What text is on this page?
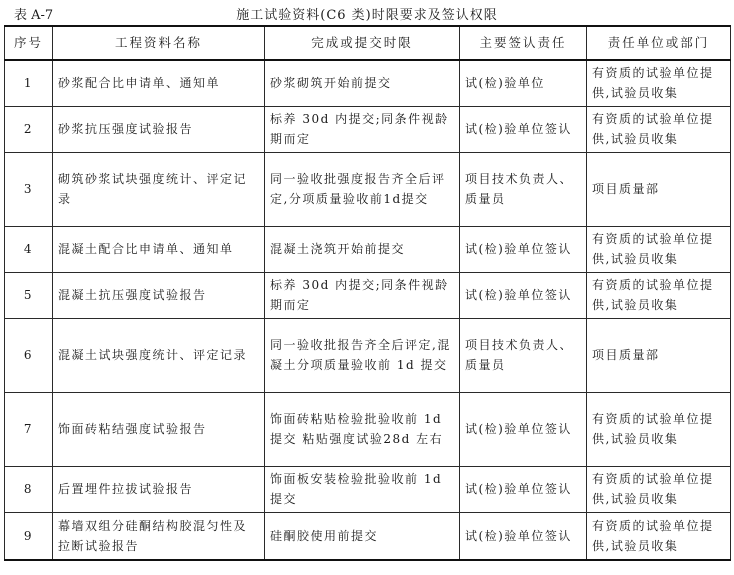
表 A-7	施工试验资料(C6 类)时限要求及签认权限
序号	工程资料名称	完成或提交时限	主要签认责任	责任单位或部门
1	砂浆配合比申请单、通知单	砂浆砌筑开始前提交	试(检)验单位	有资质的试验单位提供,试验员收集
2	砂浆抗压强度试验报告	标养 30d 内提交;同条件视龄期而定	试(检)验单位签认	有资质的试验单位提供,试验员收集
3	砌筑砂浆试块强度统计、评定记录	同一验收批强度报告齐全后评定,分项质量验收前1d提交	项目技术负责人、质量员	项目质量部
4	混凝土配合比申请单、通知单	混凝土浇筑开始前提交	试(检)验单位签认	有资质的试验单位提供,试验员收集
5	混凝土抗压强度试验报告	标养 30d 内提交;同条件视龄期而定	试(检)验单位签认	有资质的试验单位提供,试验员收集
6	混凝土试块强度统计、评定记录	同一验收批报告齐全后评定,混凝土分项质量验收前 1d 提交	项目技术负责人、质量员	项目质量部
7	饰面砖粘结强度试验报告	饰面砖粘贴检验批验收前 1d 提交 粘贴强度试验28d 左右	试(检)验单位签认	有资质的试验单位提供,试验员收集
8	后置埋件拉拔试验报告	饰面板安装检验批验收前 1d 提交	试(检)验单位签认	有资质的试验单位提供,试验员收集
9	幕墙双组分硅酮结构胶混匀性及拉断试验报告	硅酮胶使用前提交	试(检)验单位签认	有资质的试验单位提供,试验员收集
